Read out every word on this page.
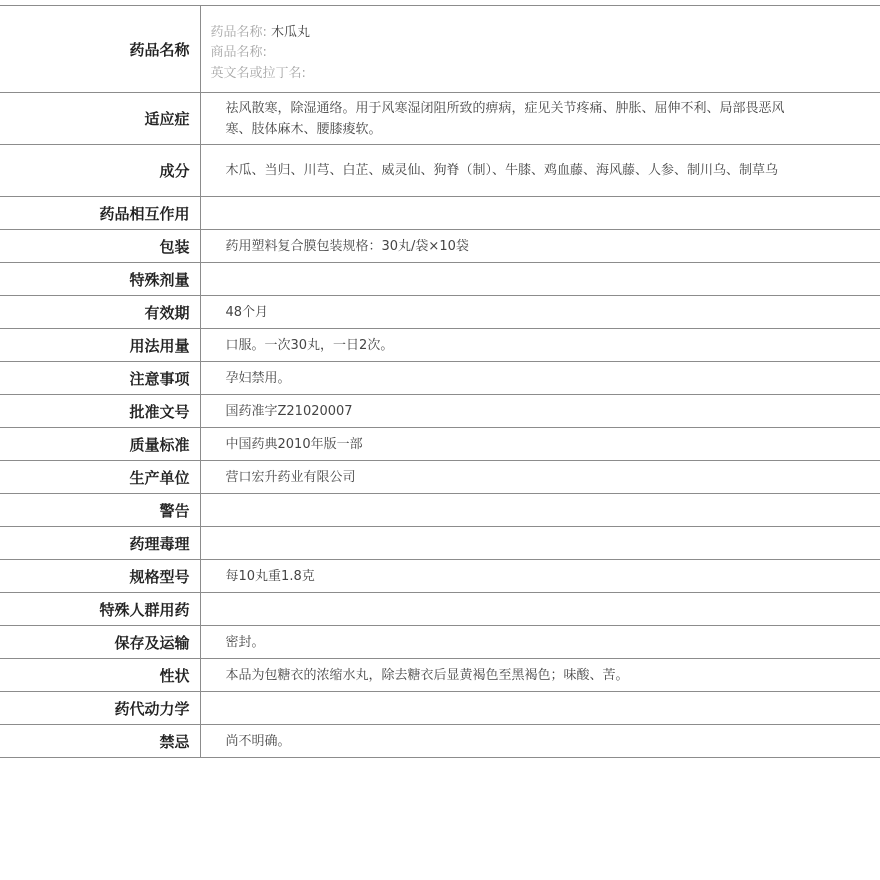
药品名称	药品名称: 木瓜丸
商品名称:
英文名或拉丁名:

适应症	祛风散寒，除湿通络。用于风寒湿闭阻所致的痹病，症见关节疼痛、肿胀、屈伸不利、局部畏恶风寒、肢体麻木、腰膝痠软。
成分	木瓜、当归、川芎、白芷、威灵仙、狗脊（制）、牛膝、鸡血藤、海风藤、人参、制川乌、制草乌
药品相互作用	
包装	药用塑料复合膜包装规格：30丸/袋×10袋
特殊剂量	
有效期	48个月
用法用量	口服。一次30丸，一日2次。
注意事项	孕妇禁用。
批准文号	国药准字Z21020007
质量标准	中国药典2010年版一部
生产单位	营口宏升药业有限公司
警告	
药理毒理	
规格型号	每10丸重1.8克
特殊人群用药	
保存及运输	密封。
性状	本品为包糖衣的浓缩水丸，除去糖衣后显黄褐色至黑褐色；味酸、苦。
药代动力学	
禁忌	尚不明确。
